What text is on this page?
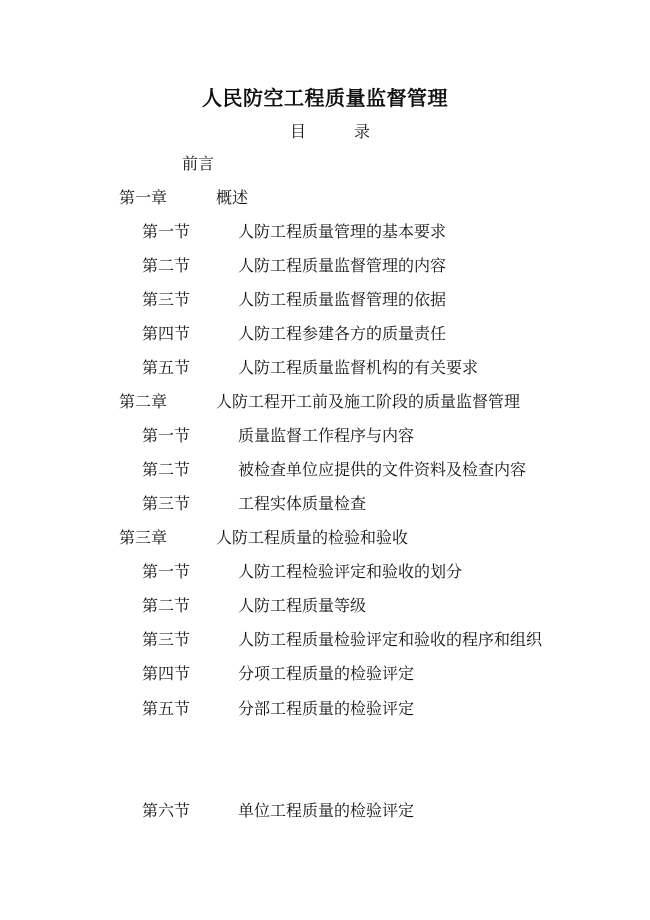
人民防空工程质量监督管理
目	录
前言
第一章	概述
第一节	人防工程质量管理的基本要求
第二节	人防工程质量监督管理的内容
第三节	人防工程质量监督管理的依据
第四节	人防工程参建各方的质量责任
第五节	人防工程质量监督机构的有关要求
第二章	人防工程开工前及施工阶段的质量监督管理
第一节	质量监督工作程序与内容
第二节	被检查单位应提供的文件资料及检查内容
第三节	工程实体质量检查
第三章	人防工程质量的检验和验收
第一节	人防工程检验评定和验收的划分
第二节	人防工程质量等级
第三节	人防工程质量检验评定和验收的程序和组织
第四节	分项工程质量的检验评定
第五节	分部工程质量的检验评定
第六节	单位工程质量的检验评定
